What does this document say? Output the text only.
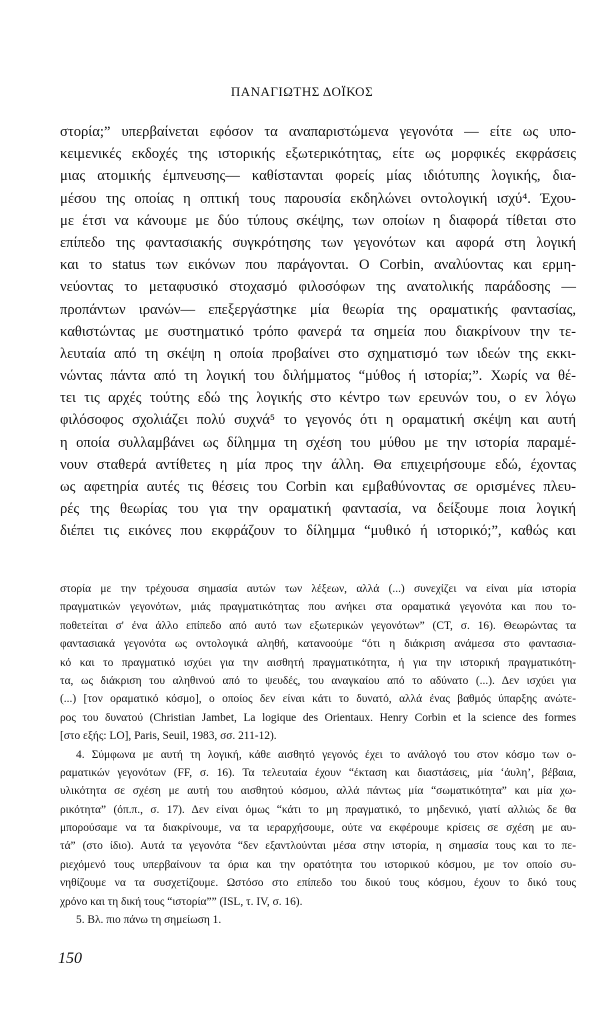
ΠΑΝΑΓΙΩΤΗΣ ΔΟΪΚΟΣ
στορία;” υπερβαίνεται εφόσον τα αναπαριστώμενα γεγονότα — είτε ως υπο-
κειμενικές εκδοχές της ιστορικής εξωτερικότητας, είτε ως μορφικές εκφράσεις
μιας ατομικής έμπνευσης— καθίστανται φορείς μίας ιδιότυπης λογικής, δια-
μέσου της οποίας η οπτική τους παρουσία εκδηλώνει οντολογική ισχύ⁴. Έχου-
με έτσι να κάνουμε με δύο τύπους σκέψης, των οποίων η διαφορά τίθεται στο
επίπεδο της φαντασιακής συγκρότησης των γεγονότων και αφορά στη λογική
και το status των εικόνων που παράγονται. Ο Corbin, αναλύοντας και ερμη-
νεύοντας το μεταφυσικό στοχασμό φιλοσόφων της ανατολικής παράδοσης —
προπάντων ιρανών— επεξεργάστηκε μία θεωρία της οραματικής φαντασίας,
καθιστώντας με συστηματικό τρόπο φανερά τα σημεία που διακρίνουν την τε-
λευταία από τη σκέψη η οποία προβαίνει στο σχηματισμό των ιδεών της εκκι-
νώντας πάντα από τη λογική του διλήμματος “μύθος ή ιστορία;”. Χωρίς να θέ-
τει τις αρχές τούτης εδώ της λογικής στο κέντρο των ερευνών του, ο εν λόγω
φιλόσοφος σχολιάζει πολύ συχνά⁵ το γεγονός ότι η οραματική σκέψη και αυτή
η οποία συλλαμβάνει ως δίλημμα τη σχέση του μύθου με την ιστορία παραμέ-
νουν σταθερά αντίθετες η μία προς την άλλη. Θα επιχειρήσουμε εδώ, έχοντας
ως αφετηρία αυτές τις θέσεις του Corbin και εμβαθύνοντας σε ορισμένες πλευ-
ρές της θεωρίας του για την οραματική φαντασία, να δείξουμε ποια λογική
διέπει τις εικόνες που εκφράζουν το δίλημμα “μυθικό ή ιστορικό;”, καθώς και
στορία με την τρέχουσα σημασία αυτών των λέξεων, αλλά (...) συνεχίζει να είναι μία ιστορία
πραγματικών γεγονότων, μιάς πραγματικότητας που ανήκει στα οραματικά γεγονότα και που το-
ποθετείται σ' ένα άλλο επίπεδο από αυτό των εξωτερικών γεγονότων” (CT, σ. 16). Θεωρώντας τα
φαντασιακά γεγονότα ως οντολογικά αληθή, κατανοούμε “ότι η διάκριση ανάμεσα στο φαντασια-
κό και το πραγματικό ισχύει για την αισθητή πραγματικότητα, ή για την ιστορική πραγματικότη-
τα, ως διάκριση του αληθινού από το ψευδές, του αναγκαίου από το αδύνατο (...). Δεν ισχύει για
(...) [τον οραματικό κόσμο], ο οποίος δεν είναι κάτι το δυνατό, αλλά ένας βαθμός ύπαρξης ανώτε-
ρος του δυνατού (Christian Jambet, La logique des Orientaux. Henry Corbin et la science des formes
[στο εξής: LO], Paris, Seuil, 1983, σσ. 211-12).
4. Σύμφωνα με αυτή τη λογική, κάθε αισθητό γεγονός έχει το ανάλογό του στον κόσμο των ο-
ραματικών γεγονότων (FF, σ. 16). Τα τελευταία έχουν “έκταση και διαστάσεις, μία ‘άυλη’, βέβαια,
υλικότητα σε σχέση με αυτή του αισθητού κόσμου, αλλά πάντως μία “σωματικότητα” και μία χω-
ρικότητα” (όπ.π., σ. 17). Δεν είναι όμως “κάτι το μη πραγματικό, το μηδενικό, γιατί αλλιώς δε θα
μπορούσαμε να τα διακρίνουμε, να τα ιεραρχήσουμε, ούτε να εκφέρουμε κρίσεις σε σχέση με αυ-
τά” (στο ίδιο). Αυτά τα γεγονότα “δεν εξαντλούνται μέσα στην ιστορία, η σημασία τους και το πε-
ριεχόμενό τους υπερβαίνουν τα όρια και την ορατότητα του ιστορικού κόσμου, με τον οποίο συ-
νηθίζουμε να τα συσχετίζουμε. Ωστόσο στο επίπεδο του δικού τους κόσμου, έχουν το δικό τους
χρόνο και τη δική τους “ιστορία”” (ISL, τ. IV, σ. 16).
5. Βλ. πιο πάνω τη σημείωση 1.
150
